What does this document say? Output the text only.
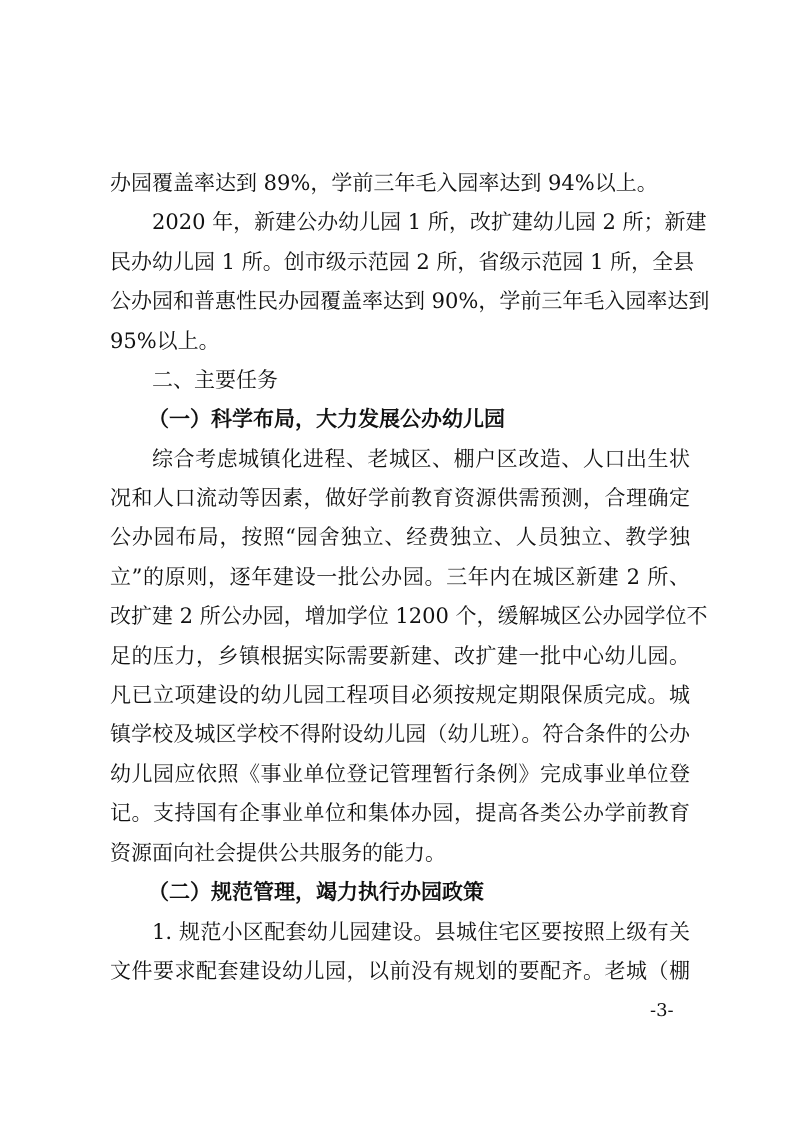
办园覆盖率达到 89%，学前三年毛入园率达到 94%以上。
2020 年，新建公办幼儿园 1 所，改扩建幼儿园 2 所；新建
民办幼儿园 1 所。创市级示范园 2 所，省级示范园 1 所，全县
公办园和普惠性民办园覆盖率达到 90%，学前三年毛入园率达到
95%以上。
二、主要任务
（一）科学布局，大力发展公办幼儿园
综合考虑城镇化进程、老城区、棚户区改造、人口出生状
况和人口流动等因素，做好学前教育资源供需预测，合理确定
公办园布局，按照“园舍独立、经费独立、人员独立、教学独
立”的原则，逐年建设一批公办园。三年内在城区新建 2 所、
改扩建 2 所公办园，增加学位 1200 个，缓解城区公办园学位不
足的压力，乡镇根据实际需要新建、改扩建一批中心幼儿园。
凡已立项建设的幼儿园工程项目必须按规定期限保质完成。城
镇学校及城区学校不得附设幼儿园（幼儿班）。符合条件的公办
幼儿园应依照《事业单位登记管理暂行条例》完成事业单位登
记。支持国有企事业单位和集体办园，提高各类公办学前教育
资源面向社会提供公共服务的能力。
（二）规范管理，竭力执行办园政策
1. 规范小区配套幼儿园建设。县城住宅区要按照上级有关
文件要求配套建设幼儿园，以前没有规划的要配齐。老城（棚
-3-
